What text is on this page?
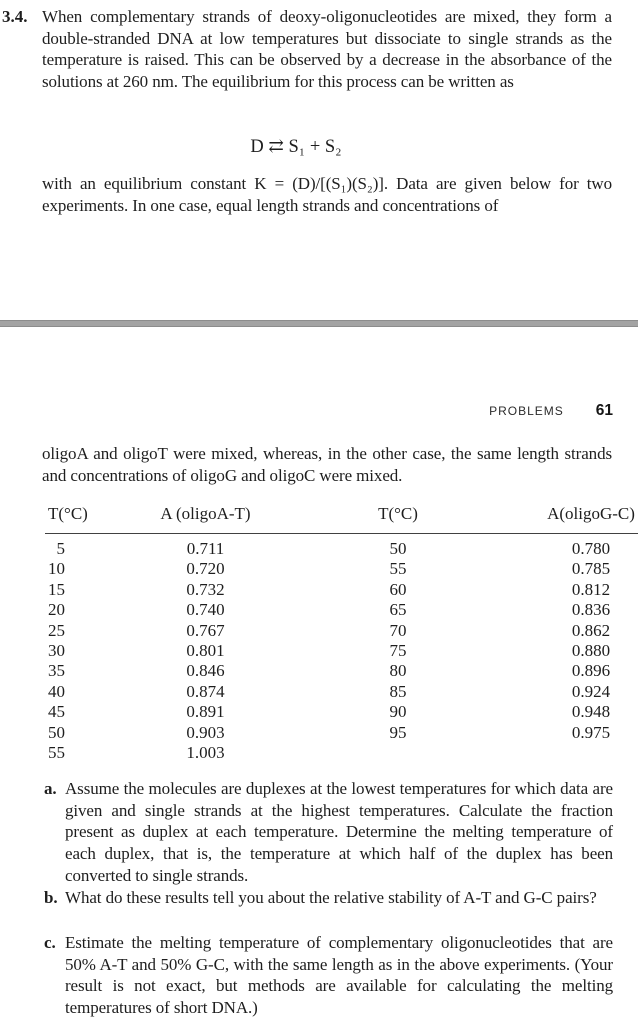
3.4. When complementary strands of deoxy-oligonucleotides are mixed, they form a double-stranded DNA at low temperatures but dissociate to single strands as the temperature is raised. This can be observed by a decrease in the absorbance of the solutions at 260 nm. The equilibrium for this process can be written as

D ⇄ S₁ + S₂

with an equilibrium constant K = (D)/[(S₁)(S₂)]. Data are given below for two experiments. In one case, equal length strands and concentrations of

PROBLEMS 61

oligoA and oligoT were mixed, whereas, in the other case, the same length strands and concentrations of oligoG and oligoC were mixed.

T(°C)	A (oligoA-T)	T(°C)	A(oligoG-C)
5	0.711	50	0.780
10	0.720	55	0.785
15	0.732	60	0.812
20	0.740	65	0.836
25	0.767	70	0.862
30	0.801	75	0.880
35	0.846	80	0.896
40	0.874	85	0.924
45	0.891	90	0.948
50	0.903	95	0.975
55	1.003		
a. Assume the molecules are duplexes at the lowest temperatures for which data are given and single strands at the highest temperatures. Calculate the fraction present as duplex at each temperature. Determine the melting temperature of each duplex, that is, the temperature at which half of the duplex has been converted to single strands.

b. What do these results tell you about the relative stability of A-T and G-C pairs?

c. Estimate the melting temperature of complementary oligonucleotides that are 50% A-T and 50% G-C, with the same length as in the above experiments. (Your result is not exact, but methods are available for calculating the melting temperatures of short DNA.)
